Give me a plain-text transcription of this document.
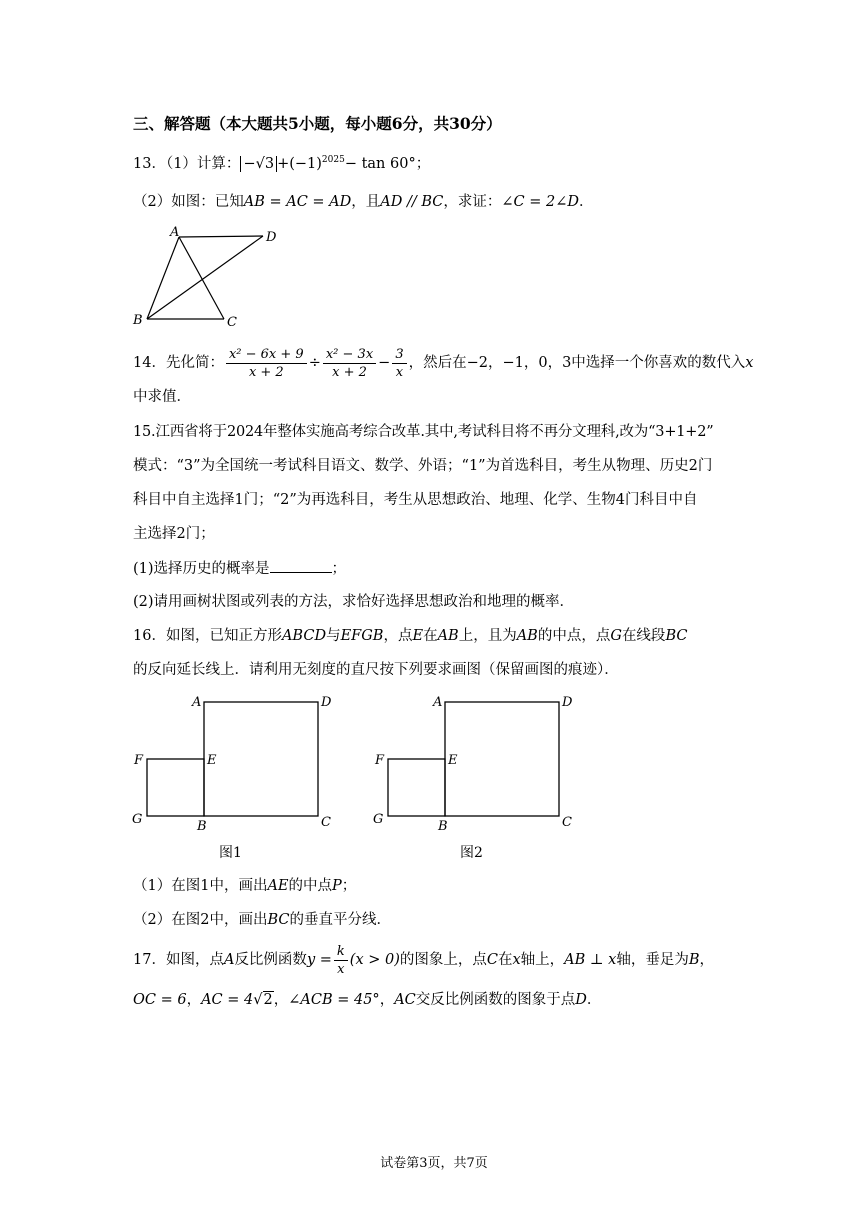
三、解答题（本大题共5小题，每小题6分，共30分）
13．（1）计算： $-√3 +(-1)^{2025}- \tan 60^\circ$；
（2）如图：已知AB = AC = AD，且AD // BC，求证：∠C = 2∠D．
A	D
B	C
14．先化简： $\frac{\text{x² − 6x + 9}}{x + 2} \div \frac{\text{x² − 3x}}{x + 2} - \frac{3}{x}$ ，然后在−2，−1，0，3中选择一个你喜欢的数代入x
中求值．
15.江西省将于2024年整体实施高考综合改革.其中,考试科目将不再分文理科,改为“3+1+2”
模式：“3”为全国统一考试科目语文、数学、外语；“1”为首选科目，考生从物理、历史2门
科目中自主选择1门；“2”为再选科目，考生从思想政治、地理、化学、生物4门科目中自
主选择2门；
(1)选择历史的概率是	；
(2)请用画树状图或列表的方法，求恰好选择思想政治和地理的概率．
16．如图，已知正方形ABCD与EFGB，点E在AB上，且为AB的中点，点G在线段BC
的反向延长线上．请利用无刻度的直尺按下列要求画图（保留画图的痕迹）．
A	D
F	E
G	B	C
图1
A	D
F	E
G	B	C
图2
（1）在图1中，画出AE的中点P；
（2）在图2中，画出BC的垂直平分线．
17．如图，点A反比例函数$y = \frac{k}{x} (x > 0)$的图象上，点C在x轴上，AB ⊥ x轴，垂足为B，
OC = 6，AC = 4√2，∠ACB = 45°，AC交反比例函数的图象于点D．
试卷第3页，共7页
